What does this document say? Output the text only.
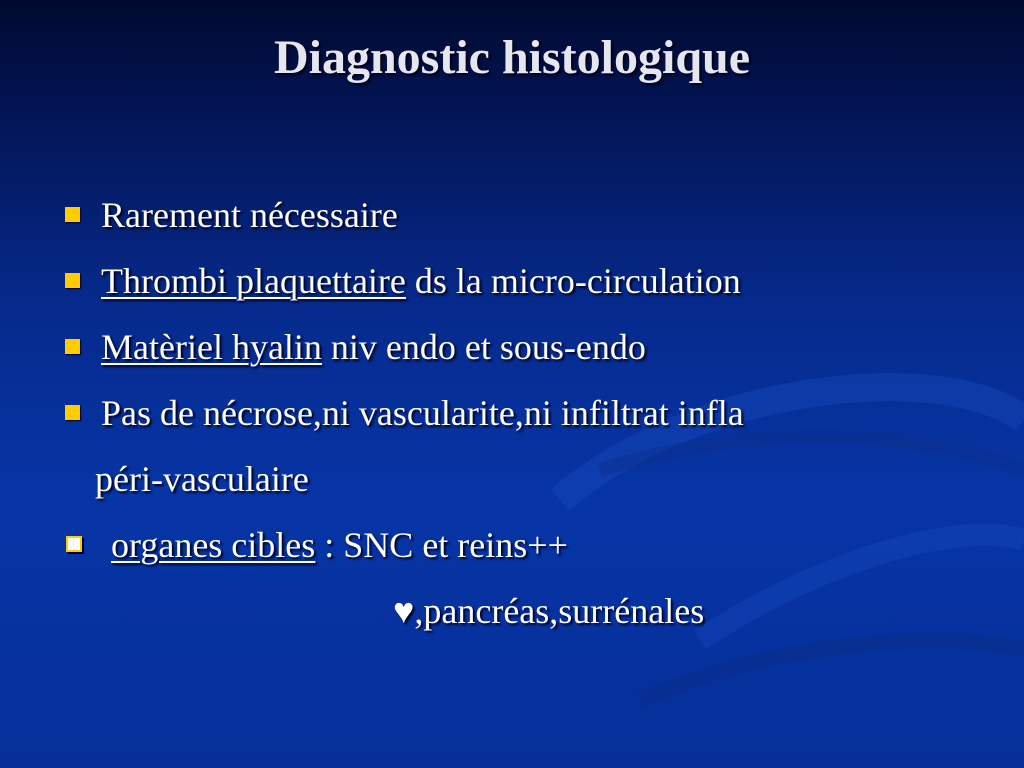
Diagnostic histologique
Rarement nécessaire
Thrombi plaquettaire ds la micro-circulation
Matèriel hyalin niv endo et sous-endo
Pas de nécrose,ni vascularite,ni infiltrat infla
péri-vasculaire
organes cibles : SNC et reins++
♥,pancréas,surrénales
